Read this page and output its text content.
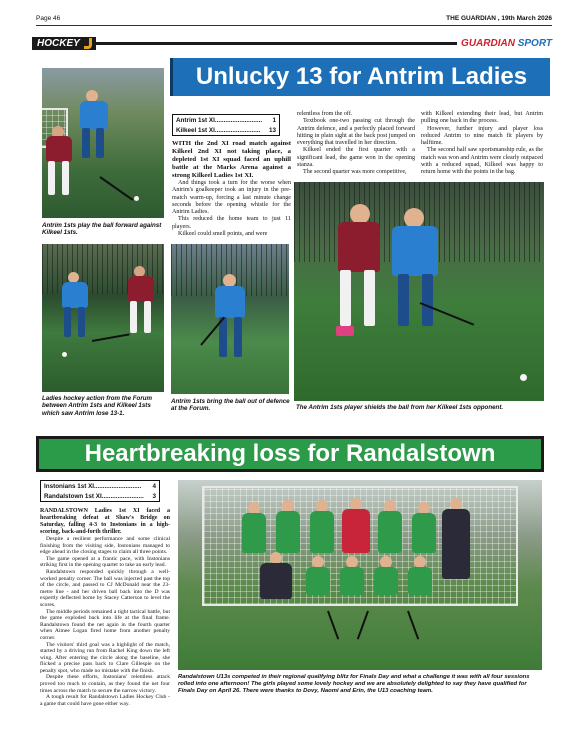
Page 46	THE GUARDIAN , 19th March 2026
HOCKEY	GUARDIAN SPORT
Unlucky 13 for Antrim Ladies
Antrim 1sts play the ball forward against Kilkeel 1sts.
Antrim 1st XI........................... 1
Kilkeel 1st XI.......................... 13

WITH the 2nd XI road match against Kilkeel 2nd XI not taking place, a depleted 1st XI squad faced an uphill battle at the Marks Arena against a strong Kilkeel Ladies 1st XI.

And things took a turn for the worse when Antrim's goalkeeper took an injury in the pre-match warm-up, forcing a last minute change seconds before the opening whistle for the Antrim Ladies.

This reduced the home team to just 11 players.

Kilkeel could smell points, and were

relentless from the off.

Textbook one-two passing cut through the Antrim defence, and a perfectly placed forward hitting in plain sight at the back post jumped on everything that travelled in her direction.

Kilkeel ended the first quarter with a significant lead, the game won in the opening stanza.

The second quarter was more competitive,

with Kilkeel extending their lead, but Antrim pulling one back in the process.

However, further injury and player loss reduced Antrim to nine match fit players by halftime.

The second half saw sportsmanship rule, as the match was won and Antrim were clearly outpaced with a reduced squad, Kilkeel was happy to return home with the points in the bag.

Ladies hockey action from the Forum between Antrim 1sts and Kilkeel 1sts which saw Antrim lose 13-1.
Antrim 1sts bring the ball out of defence at the Forum.	The Antrim 1sts player shields the ball from her Kilkeel 1sts opponent.
Heartbreaking loss for Randalstown
Instonians 1st XI........................... 4
Randalstown 1st XI........................ 3

RANDALSTOWN Ladies 1st XI faced a heartbreaking defeat at Shaw's Bridge on Saturday, falling 4-3 to Instonians in a high-scoring, back-and-forth thriller.

Despite a resilient performance and some clinical finishing from the visiting side, Instonians managed to edge ahead in the closing stages to claim all three points.

The game opened at a frantic pace, with Instonians striking first in the opening quarter to take an early lead.

Randalstown responded quickly through a well-worked penalty corner. The ball was injected past the top of the circle, and passed to CJ McDonald near the 23-metre line - and her driven ball back into the D was expertly deflected home by Stacey Catterson to level the scores.

The middle periods remained a tight tactical battle, but the game exploded back into life at the final frame. Randalstown found the net again in the fourth quarter when Aimee Logan fired home from another penalty corner.

The visitors' third goal was a highlight of the match, started by a driving run from Rachel King down the left wing. After entering the circle along the baseline, she flicked a precise pass back to Clare Gillespie on the penalty spot, who made no mistake with the finish.

Despite these efforts, Instonians' relentless attack proved too much to contain, as they found the net four times across the match to secure the narrow victory.

A tough result for Randalstown Ladies Hockey Club - a game that could have gone either way.

Randalstown U13s competed in their regional qualifying blitz for Finals Day and what a challenge it was with all four sessions rolled into one afternoon! The girls played some lovely hockey and we are absolutely delighted to say they have qualified for Finals Day on April 26. There were thanks to Dovy, Naomi and Erin, the U13 coaching team.
